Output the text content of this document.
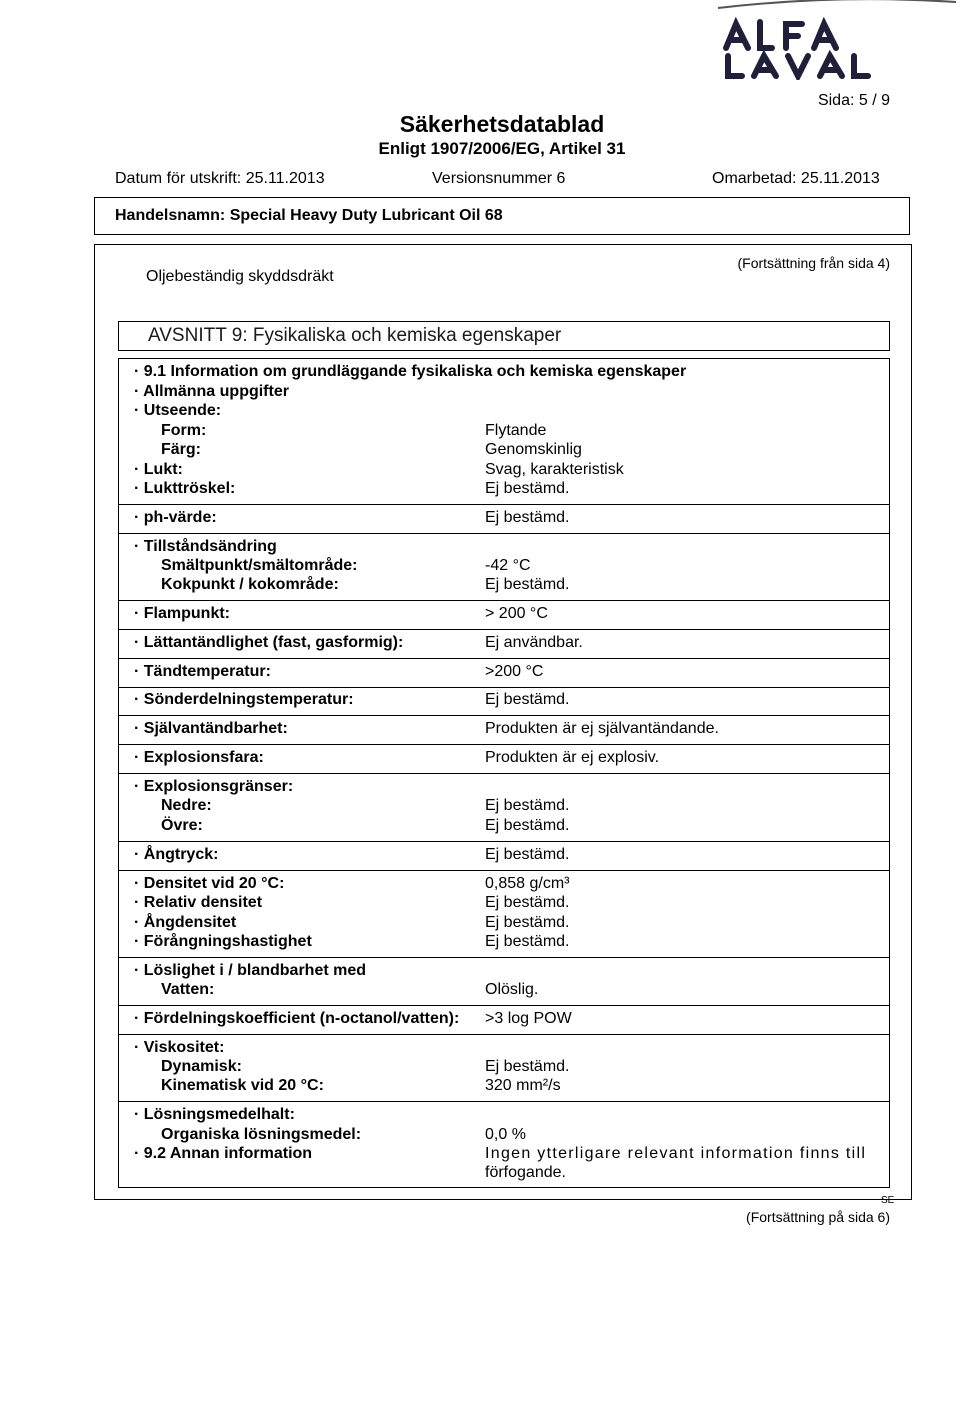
Sida: 5 / 9
Säkerhetsdatablad
Enligt 1907/2006/EG, Artikel 31
Datum för utskrift: 25.11.2013	Versionsnummer 6	Omarbetad: 25.11.2013
Handelsnamn: Special Heavy Duty Lubricant Oil 68
(Fortsättning från sida 4)
Oljebeständig skyddsdräkt
AVSNITT 9: Fysikaliska och kemiska egenskaper
· 9.1 Information om grundläggande fysikaliska och kemiska egenskaper
· Allmänna uppgifter
· Utseende:
Form:	Flytande
Färg:	Genomskinlig
· Lukt:	Svag, karakteristisk
· Lukttröskel:	Ej bestämd.
· ph-värde:	Ej bestämd.
· Tillståndsändring
Smältpunkt/smältområde:	-42 °C
Kokpunkt / kokområde:	Ej bestämd.
· Flampunkt:	> 200 °C
· Lättantändlighet (fast, gasformig):	Ej användbar.
· Tändtemperatur:	>200 °C
· Sönderdelningstemperatur:	Ej bestämd.
· Självantändbarhet:	Produkten är ej självantändande.
· Explosionsfara:	Produkten är ej explosiv.
· Explosionsgränser:
Nedre:	Ej bestämd.
Övre:	Ej bestämd.
· Ångtryck:	Ej bestämd.
· Densitet vid 20 °C:	0,858 g/cm³
· Relativ densitet	Ej bestämd.
· Ångdensitet	Ej bestämd.
· Förångningshastighet	Ej bestämd.
· Löslighet i / blandbarhet med
Vatten:	Olöslig.
· Fördelningskoefficient (n-octanol/vatten): >3 log POW
· Viskositet:
Dynamisk:	Ej bestämd.
Kinematisk vid 20 °C:	320 mm²/s
· Lösningsmedelhalt:
Organiska lösningsmedel:	0,0 %
· 9.2 Annan information	Ingen ytterligare relevant information finns till
förfogande.
SE
(Fortsättning på sida 6)
